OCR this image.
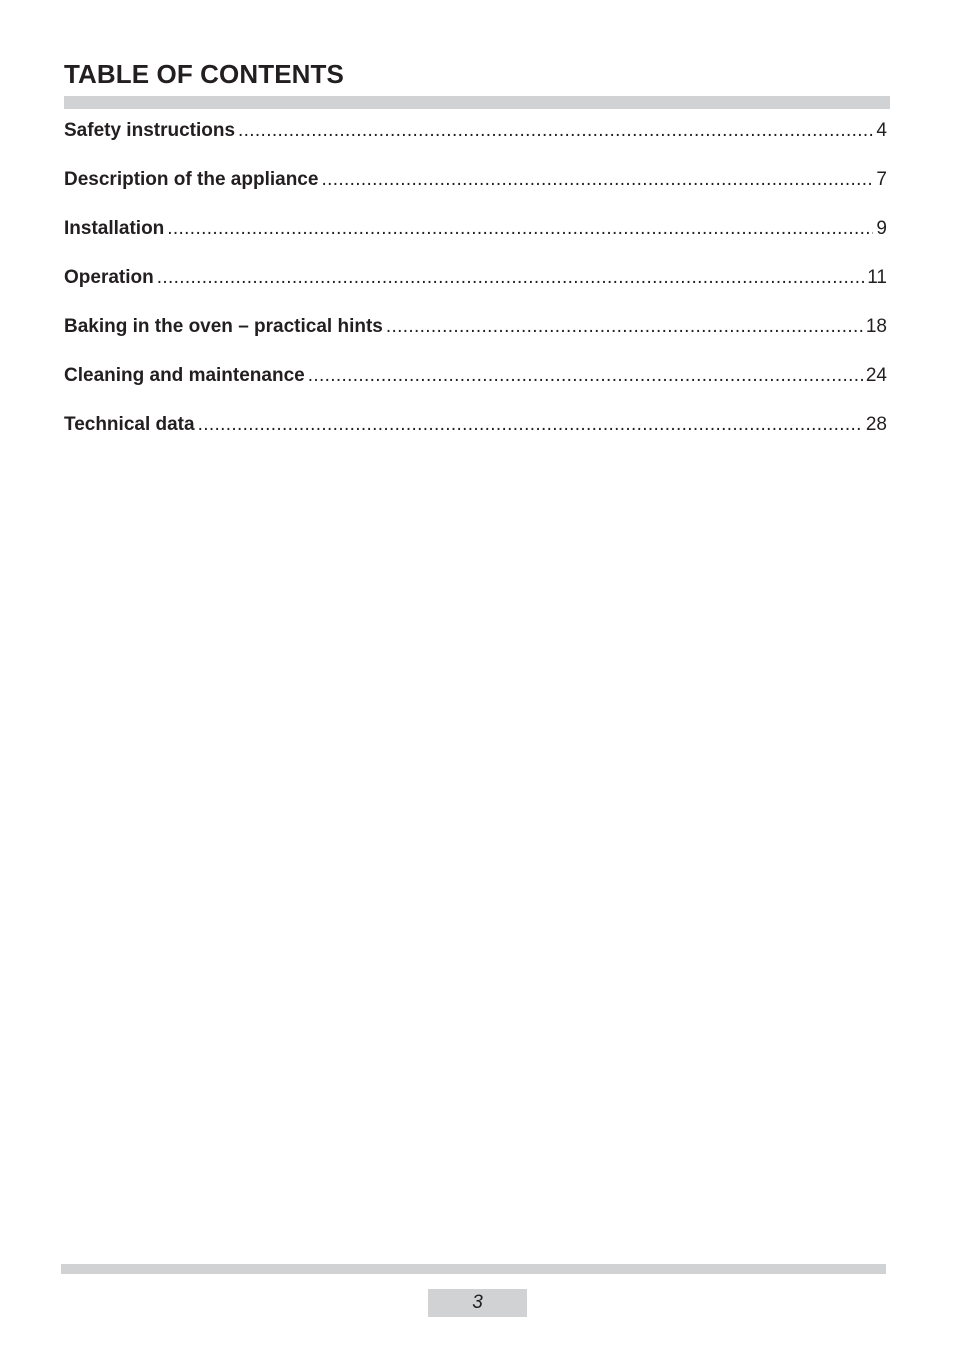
TABLE OF CONTENTS
Safety instructions .....	4
Description of the appliance .....	7
Installation .....	9
Operation .....	11
Baking in the oven – practical hints .....	18
Cleaning and maintenance .....	24
Technical data .....	28
3
